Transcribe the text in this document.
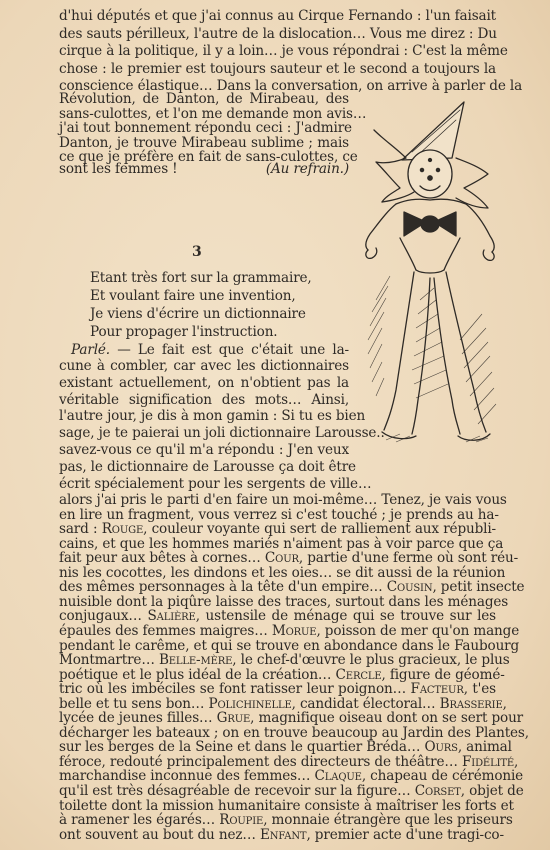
d'hui députés et que j'ai connus au Cirque Fernando : l'un faisait
des sauts périlleux, l'autre de la dislocation… Vous me direz : Du
cirque à la politique, il y a loin… je vous répondrai : C'est la même
chose : le premier est toujours sauteur et le second a toujours la
conscience élastique… Dans la conversation, on arrive à parler de la
Révolution, de Danton, de Mirabeau, des
sans-culottes, et l'on me demande mon avis…
j'ai tout bonnement répondu ceci : J'admire
Danton, je trouve Mirabeau sublime ; mais
ce que je préfère en fait de sans-culottes, ce
sont les femmes !	(Au refrain.)
3
Etant très fort sur la grammaire,
Et voulant faire une invention,
Je viens d'écrire un dictionnaire
Pour propager l'instruction.
Parlé. — Le fait est que c'était une la-
cune à combler, car avec les dictionnaires
existant actuellement, on n'obtient pas la
véritable signification des mots… Ainsi,
l'autre jour, je dis à mon gamin : Si tu es bien
sage, je te paierai un joli dictionnaire Larousse..
savez-vous ce qu'il m'a répondu : J'en veux
pas, le dictionnaire de Larousse ça doit être
écrit spécialement pour les sergents de ville…
alors j'ai pris le parti d'en faire un moi-même… Tenez, je vais vous
en lire un fragment, vous verrez si c'est touché ; je prends au ha-
sard : Rouge, couleur voyante qui sert de ralliement aux républi-
cains, et que les hommes mariés n'aiment pas à voir parce que ça
fait peur aux bêtes à cornes… Cour, partie d'une ferme où sont réu-
nis les cocottes, les dindons et les oies… se dit aussi de la réunion
des mêmes personnages à la tête d'un empire… Cousin, petit insecte
nuisible dont la piqûre laisse des traces, surtout dans les ménages
conjugaux… Salière, ustensile de ménage qui se trouve sur les
épaules des femmes maigres… Morue, poisson de mer qu'on mange
pendant le carême, et qui se trouve en abondance dans le Faubourg
Montmartre… Belle-mère, le chef-d'œuvre le plus gracieux, le plus
poétique et le plus idéal de la création… Cercle, figure de géomé-
tric où les imbéciles se font ratisser leur poignon… Facteur, t'es
belle et tu sens bon… Polichinelle, candidat électoral… Brasserie,
lycée de jeunes filles… Grue, magnifique oiseau dont on se sert pour
décharger les bateaux ; on en trouve beaucoup au Jardin des Plantes,
sur les berges de la Seine et dans le quartier Bréda… Ours, animal
féroce, redouté principalement des directeurs de théâtre… Fidélité,
marchandise inconnue des femmes… Claque, chapeau de cérémonie
qu'il est très désagréable de recevoir sur la figure… Corset, objet de
toilette dont la mission humanitaire consiste à maîtriser les forts et
à ramener les égarés… Roupie, monnaie étrangère que les priseurs
ont souvent au bout du nez… Enfant, premier acte d'une tragi-co-
